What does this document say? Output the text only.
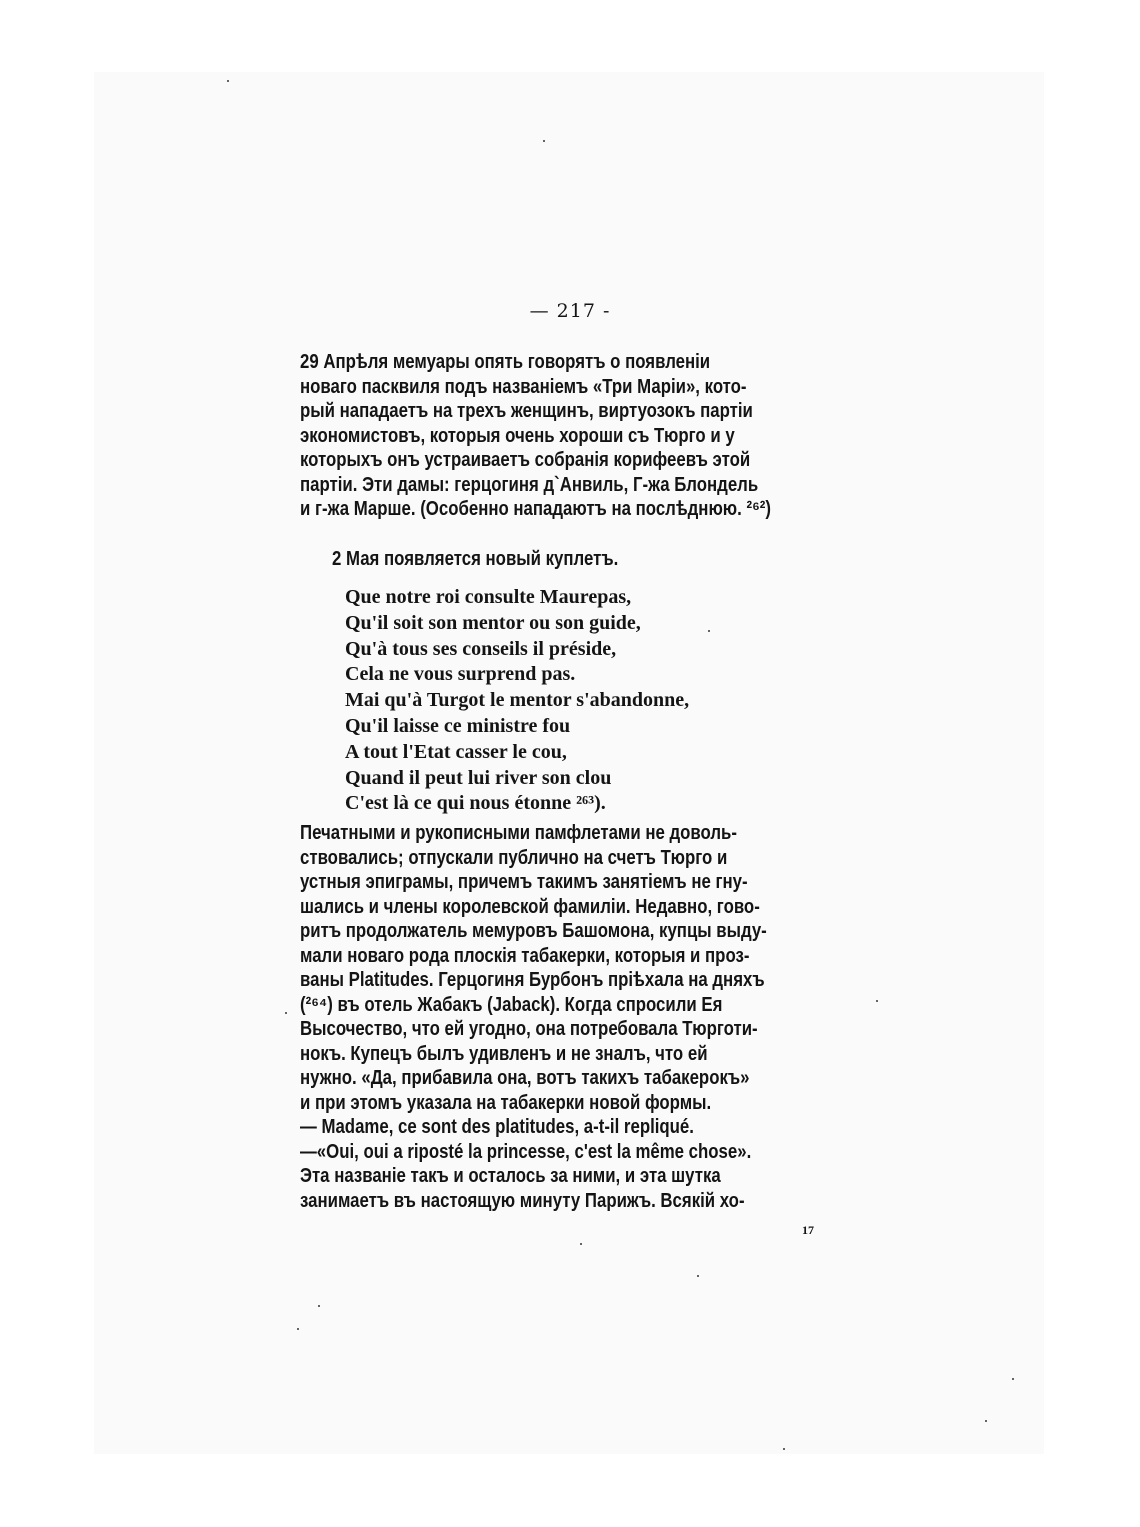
— 217 -
29 Апрѣля мемуары опять говорятъ о появленіи
новаго пасквиля подъ названіемъ «Три Маріи», кото-
рый нападаетъ на трехъ женщинъ, виртуозокъ партіи
экономистовъ, которыя очень хороши съ Тюрго и у
которыхъ онъ устраиваетъ собранія корифеевъ этой
партіи. Эти дамы: герцогиня д`Анвиль, Г-жа Блондель
и г-жа Марше. (Особенно нападаютъ на послѣднюю. ²⁶²)
2 Мая появляется новый куплетъ.
Que notre roi consulte Maurepas,
Qu'il soit son mentor ou son guide,
Qu'à tous ses conseils il préside,
Cela ne vous surprend pas.
Mai qu'à Turgot le mentor s'abandonne,
Qu'il laisse ce ministre fou
A tout l'Etat casser le cou,
Quand il peut lui river son clou
C'est là ce qui nous étonne ²⁶³).
Печатными и рукописными памфлетами не доволь-
ствовались; отпускали публично на счетъ Тюрго и
устныя эпиграмы, причемъ такимъ занятіемъ не гну-
шались и члены королевской фамиліи. Недавно, гово-
ритъ продолжатель мемуровъ Башомона, купцы выду-
мали новаго рода плоскія табакерки, которыя и проз-
ваны Platitudes. Герцогиня Бурбонъ пріѣхала на дняхъ
(²⁶⁴) въ отель Жабакъ (Jaback). Когда спросили Ея
Высочество, что ей угодно, она потребовала Тюрготи-
нокъ. Купецъ былъ удивленъ и не зналъ, что ей
нужно. «Да, прибавила она, вотъ такихъ табакерокъ»
и при этомъ указала на табакерки новой формы.
— Madame, ce sont des platitudes, a-t-il repliqué.
—«Oui, oui a riposté la princesse, c'est la même chose».
Эта названіе такъ и осталось за ними, и эта шутка
занимаетъ въ настоящую минуту Парижъ. Всякій хо-
17
